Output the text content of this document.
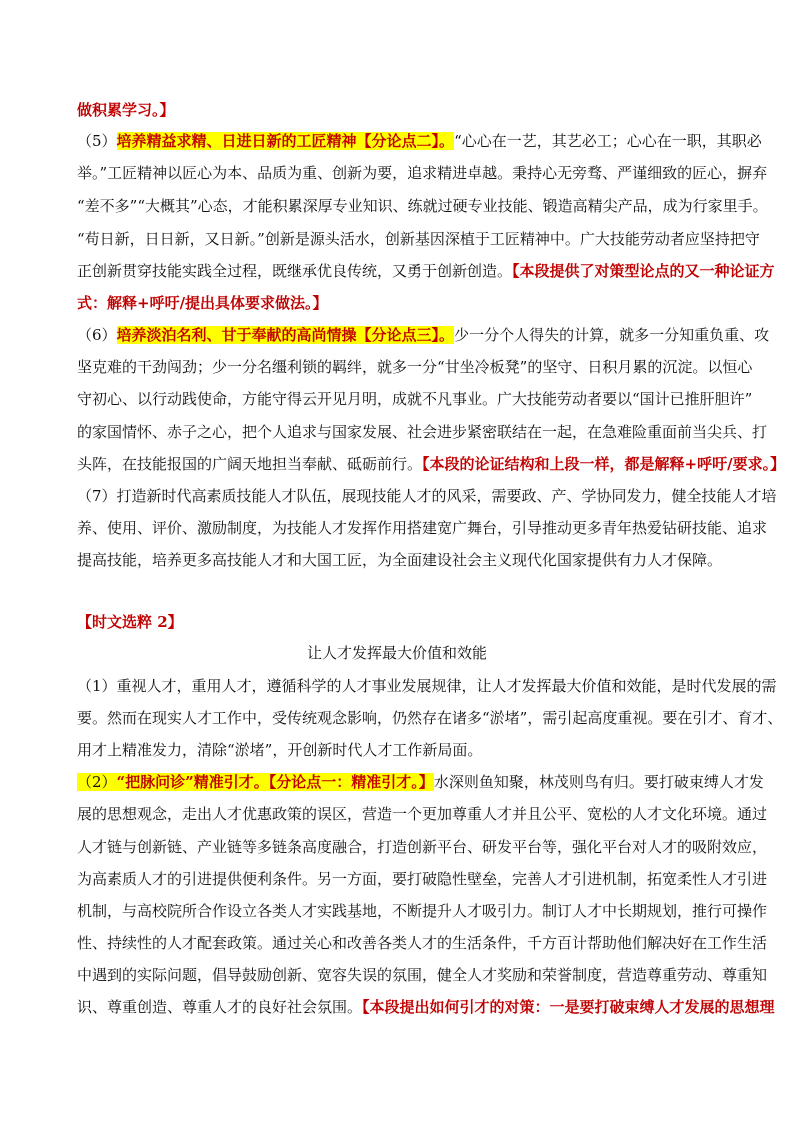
做积累学习。】
（5）培养精益求精、日进日新的工匠精神【分论点二】。“心心在一艺，其艺必工；心心在一职，其职必
举。”工匠精神以匠心为本、品质为重、创新为要，追求精进卓越。秉持心无旁骛、严谨细致的匠心，摒弃
“差不多”“大概其”心态，才能积累深厚专业知识、练就过硬专业技能、锻造高精尖产品，成为行家里手。
“苟日新，日日新，又日新。”创新是源头活水，创新基因深植于工匠精神中。广大技能劳动者应坚持把守
正创新贯穿技能实践全过程，既继承优良传统，又勇于创新创造。【本段提供了对策型论点的又一种论证方
式：解释+呼吁/提出具体要求做法。】
（6）培养淡泊名利、甘于奉献的高尚情操【分论点三】。少一分个人得失的计算，就多一分知重负重、攻
坚克难的干劲闯劲；少一分名缰利锁的羁绊，就多一分“甘坐冷板凳”的坚守、日积月累的沉淀。以恒心
守初心、以行动践使命，方能守得云开见月明，成就不凡事业。广大技能劳动者要以“国计已推肝胆许”
的家国情怀、赤子之心，把个人追求与国家发展、社会进步紧密联结在一起，在急难险重面前当尖兵、打
头阵，在技能报国的广阔天地担当奉献、砥砺前行。【本段的论证结构和上段一样，都是解释+呼吁/要求。】
（7）打造新时代高素质技能人才队伍，展现技能人才的风采，需要政、产、学协同发力，健全技能人才培
养、使用、评价、激励制度，为技能人才发挥作用搭建宽广舞台，引导推动更多青年热爱钻研技能、追求
提高技能，培养更多高技能人才和大国工匠，为全面建设社会主义现代化国家提供有力人才保障。
【时文选粹 2】
让人才发挥最大价值和效能
（1）重视人才，重用人才，遵循科学的人才事业发展规律，让人才发挥最大价值和效能，是时代发展的需
要。然而在现实人才工作中，受传统观念影响，仍然存在诸多“淤堵”，需引起高度重视。要在引才、育才、
用才上精准发力，清除“淤堵”，开创新时代人才工作新局面。
（2）“把脉问诊”精准引才。【分论点一：精准引才。】水深则鱼知聚，林茂则鸟有归。要打破束缚人才发
展的思想观念，走出人才优惠政策的误区，营造一个更加尊重人才并且公平、宽松的人才文化环境。通过
人才链与创新链、产业链等多链条高度融合，打造创新平台、研发平台等，强化平台对人才的吸附效应，
为高素质人才的引进提供便利条件。另一方面，要打破隐性壁垒，完善人才引进机制，拓宽柔性人才引进
机制，与高校院所合作设立各类人才实践基地，不断提升人才吸引力。制订人才中长期规划，推行可操作
性、持续性的人才配套政策。通过关心和改善各类人才的生活条件，千方百计帮助他们解决好在工作生活
中遇到的实际问题，倡导鼓励创新、宽容失误的氛围，健全人才奖励和荣誉制度，营造尊重劳动、尊重知
识、尊重创造、尊重人才的良好社会氛围。【本段提出如何引才的对策：一是要打破束缚人才发展的思想理
